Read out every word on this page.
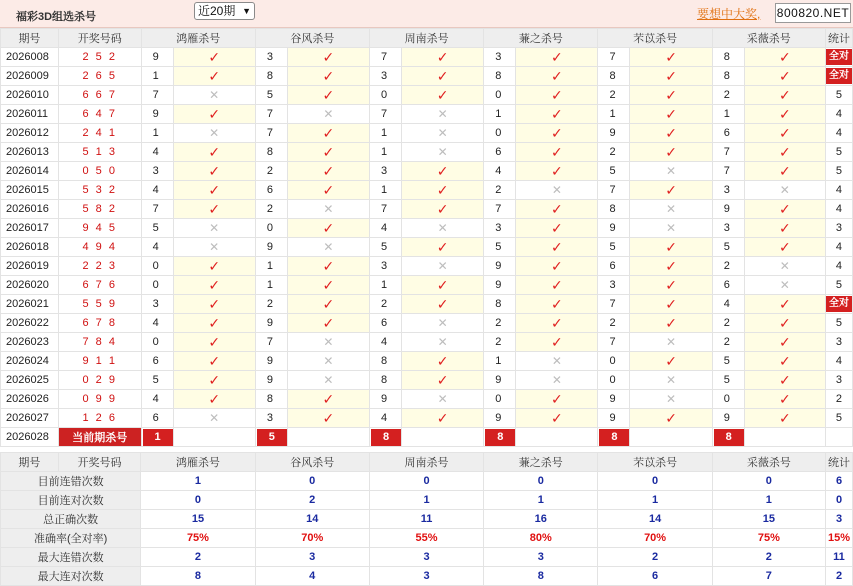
福彩3D组选杀号	近20期 ▼	要想中大奖, 800820.NET
期号	开奖号码	鸿雁杀号		谷风杀号		周南杀号		蒹之杀号		芣苡杀号		采薇杀号		统计
2026008	2 5 2	9	✓	3	✓	7	✓	3	✓	7	✓	8	✓	全对
2026009	2 6 5	1	✓	8	✓	3	✓	8	✓	8	✓	8	✓	全对
2026010	6 6 7	7	✕	5	✓	0	✓	0	✓	2	✓	2	✓	5
2026011	6 4 7	9	✓	7	✕	7	✕	1	✓	1	✓	1	✓	4
2026012	2 4 1	1	✕	7	✓	1	✕	0	✓	9	✓	6	✓	4
2026013	5 1 3	4	✓	8	✓	1	✕	6	✓	2	✓	7	✓	5
2026014	0 5 0	3	✓	2	✓	3	✓	4	✓	5	✕	7	✓	5
2026015	5 3 2	4	✓	6	✓	1	✓	2	✕	7	✓	3	✕	4
2026016	5 8 2	7	✓	2	✕	7	✓	7	✓	8	✕	9	✓	4
2026017	9 4 5	5	✕	0	✓	4	✕	3	✓	9	✕	3	✓	3
2026018	4 9 4	4	✕	9	✕	5	✓	5	✓	5	✓	5	✓	4
2026019	2 2 3	0	✓	1	✓	3	✕	9	✓	6	✓	2	✕	4
2026020	6 7 6	0	✓	1	✓	1	✓	9	✓	3	✓	6	✕	5
2026021	5 5 9	3	✓	2	✓	2	✓	8	✓	7	✓	4	✓	全对
2026022	6 7 8	4	✓	9	✓	6	✕	2	✓	2	✓	2	✓	5
2026023	7 8 4	0	✓	7	✕	4	✕	2	✓	7	✕	2	✓	3
2026024	9 1 1	6	✓	9	✕	8	✓	1	✕	0	✓	5	✓	4
2026025	0 2 9	5	✓	9	✕	8	✓	9	✕	0	✕	5	✓	3
2026026	0 9 9	4	✓	8	✓	9	✕	0	✓	9	✕	0	✓	2
2026027	1 2 6	6	✕	3	✓	4	✓	9	✓	9	✓	9	✓	5
2026028	当前期杀号	1		5		8		8		8		8		
期号	开奖号码	鸿雁杀号	谷风杀号	周南杀号	蒹之杀号	芣苡杀号	采薇杀号	统计
目前连错次数		1	0	0	0	0	0	6
目前连对次数		0	2	1	1	1	1	0
总正确次数		15	14	11	16	14	15	3
准确率(全对率)		75%	70%	55%	80%	70%	75%	15%
最大连错次数		2	3	3	3	2	2	11
最大连对次数		8	4	3	8	6	7	2
